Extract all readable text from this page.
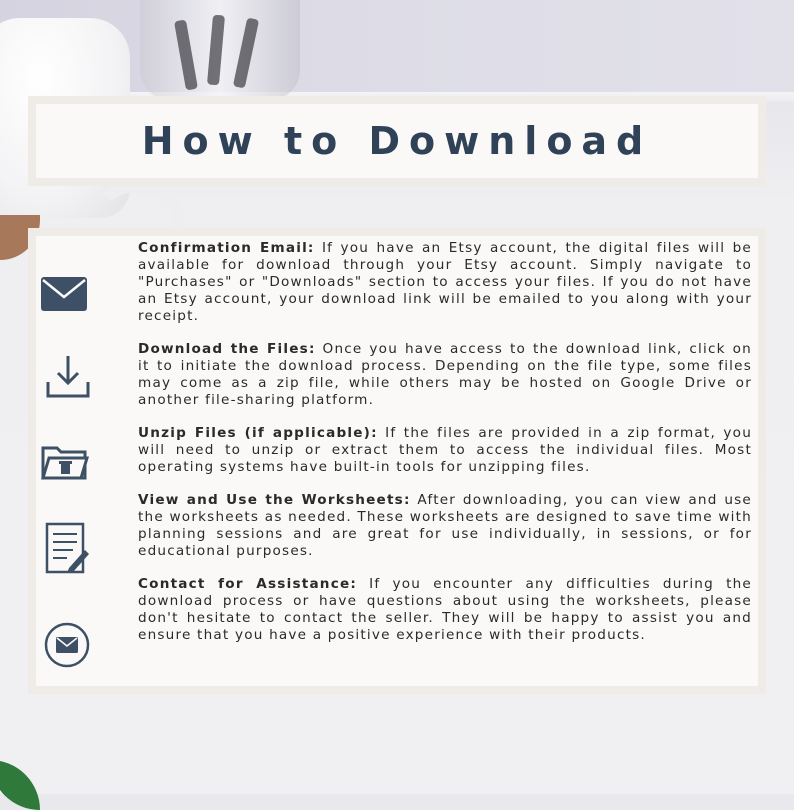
How to Download

Confirmation Email: If you have an Etsy account, the digital files will be available for download through your Etsy account. Simply navigate to "Purchases" or "Downloads" section to access your files. If you do not have an Etsy account, your download link will be emailed to you along with your receipt.

Download the Files: Once you have access to the download link, click on it to initiate the download process. Depending on the file type, some files may come as a zip file, while others may be hosted on Google Drive or another file-sharing platform.

Unzip Files (if applicable): If the files are provided in a zip format, you will need to unzip or extract them to access the individual files. Most operating systems have built-in tools for unzipping files.

View and Use the Worksheets: After downloading, you can view and use the worksheets as needed. These worksheets are designed to save time with planning sessions and are great for use individually, in sessions, or for educational purposes.

Contact for Assistance: If you encounter any difficulties during the download process or have questions about using the worksheets, please don't hesitate to contact the seller. They will be happy to assist you and ensure that you have a positive experience with their products.
